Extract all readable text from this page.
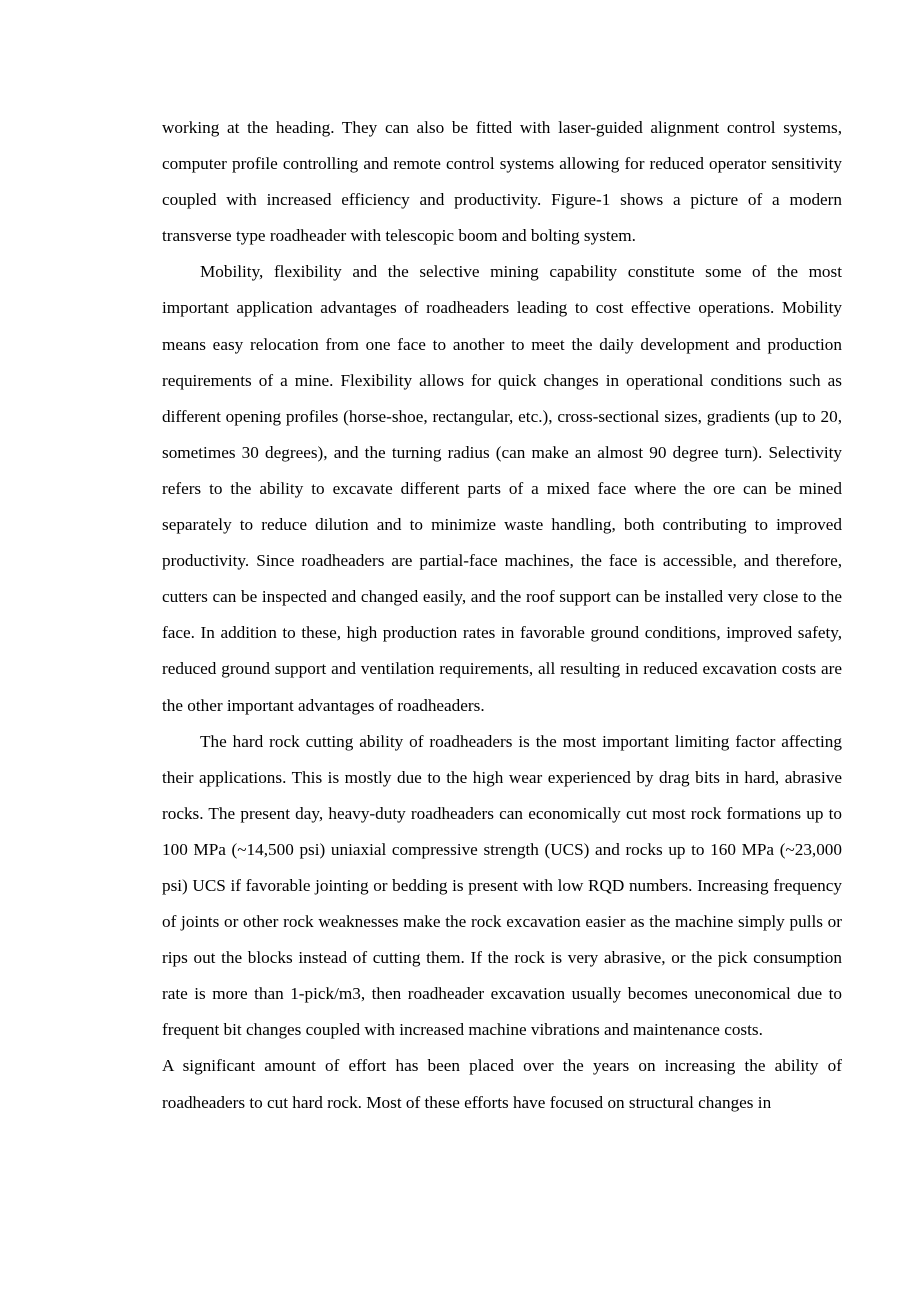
working at the heading. They can also be fitted with laser-guided alignment control systems, computer profile controlling and remote control systems allowing for reduced operator sensitivity coupled with increased efficiency and productivity. Figure-1 shows a picture of a modern transverse type roadheader with telescopic boom and bolting system.

Mobility, flexibility and the selective mining capability constitute some of the most important application advantages of roadheaders leading to cost effective operations. Mobility means easy relocation from one face to another to meet the daily development and production requirements of a mine. Flexibility allows for quick changes in operational conditions such as different opening profiles (horse-shoe, rectangular, etc.), cross-sectional sizes, gradients (up to 20, sometimes 30 degrees), and the turning radius (can make an almost 90 degree turn). Selectivity refers to the ability to excavate different parts of a mixed face where the ore can be mined separately to reduce dilution and to minimize waste handling, both contributing to improved productivity. Since roadheaders are partial-face machines, the face is accessible, and therefore, cutters can be inspected and changed easily, and the roof support can be installed very close to the face. In addition to these, high production rates in favorable ground conditions, improved safety, reduced ground support and ventilation requirements, all resulting in reduced excavation costs are the other important advantages of roadheaders.

The hard rock cutting ability of roadheaders is the most important limiting factor affecting their applications. This is mostly due to the high wear experienced by drag bits in hard, abrasive rocks. The present day, heavy-duty roadheaders can economically cut most rock formations up to 100 MPa (~14,500 psi) uniaxial compressive strength (UCS) and rocks up to 160 MPa (~23,000 psi) UCS if favorable jointing or bedding is present with low RQD numbers. Increasing frequency of joints or other rock weaknesses make the rock excavation easier as the machine simply pulls or rips out the blocks instead of cutting them. If the rock is very abrasive, or the pick consumption rate is more than 1-pick/m3, then roadheader excavation usually becomes uneconomical due to frequent bit changes coupled with increased machine vibrations and maintenance costs.

A significant amount of effort has been placed over the years on increasing the ability of roadheaders to cut hard rock. Most of these efforts have focused on structural changes in
